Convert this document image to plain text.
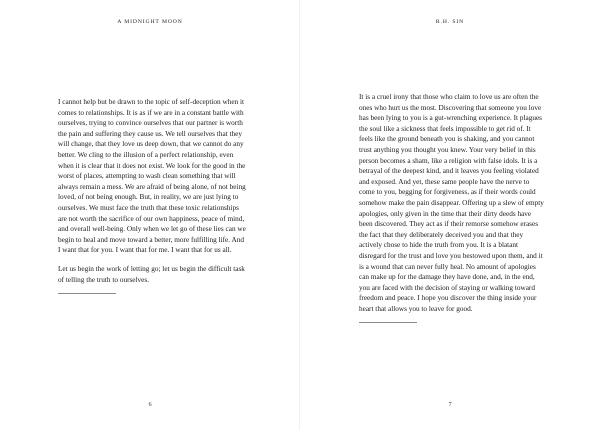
A MIDNIGHT MOON

I cannot help but be drawn to the topic of self-deception when it comes to relationships. It is as if we are in a constant battle with ourselves, trying to convince ourselves that our partner is worth the pain and suffering they cause us. We tell ourselves that they will change, that they love us deep down, that we cannot do any better. We cling to the illusion of a perfect relationship, even when it is clear that it does not exist. We look for the good in the worst of places, attempting to wash clean something that will always remain a mess. We are afraid of being alone, of not being loved, of not being enough. But, in reality, we are just lying to ourselves. We must face the truth that these toxic relationships are not worth the sacrifice of our own happiness, peace of mind, and overall well-being. Only when we let go of these lies can we begin to heal and move toward a better, more fulfilling life. And I want that for you. I want that for me. I want that for us all.

Let us begin the work of letting go; let us begin the difficult task of telling the truth to ourselves.

6
R.H. SIN

It is a cruel irony that those who claim to love us are often the ones who hurt us the most. Discovering that someone you love has been lying to you is a gut-wrenching experience. It plagues the soul like a sickness that feels impossible to get rid of. It feels like the ground beneath you is shaking, and you cannot trust anything you thought you knew. Your very belief in this person becomes a sham, like a religion with false idols. It is a betrayal of the deepest kind, and it leaves you feeling violated and exposed. And yet, these same people have the nerve to come to you, begging for forgiveness, as if their words could somehow make the pain disappear. Offering up a slew of empty apologies, only given in the time that their dirty deeds have been discovered. They act as if their remorse somehow erases the fact that they deliberately deceived you and that they actively chose to hide the truth from you. It is a blatant disregard for the trust and love you bestowed upon them, and it is a wound that can never fully heal. No amount of apologies can make up for the damage they have done, and, in the end, you are faced with the decision of staying or walking toward freedom and peace. I hope you discover the thing inside your heart that allows you to leave for good.

7
